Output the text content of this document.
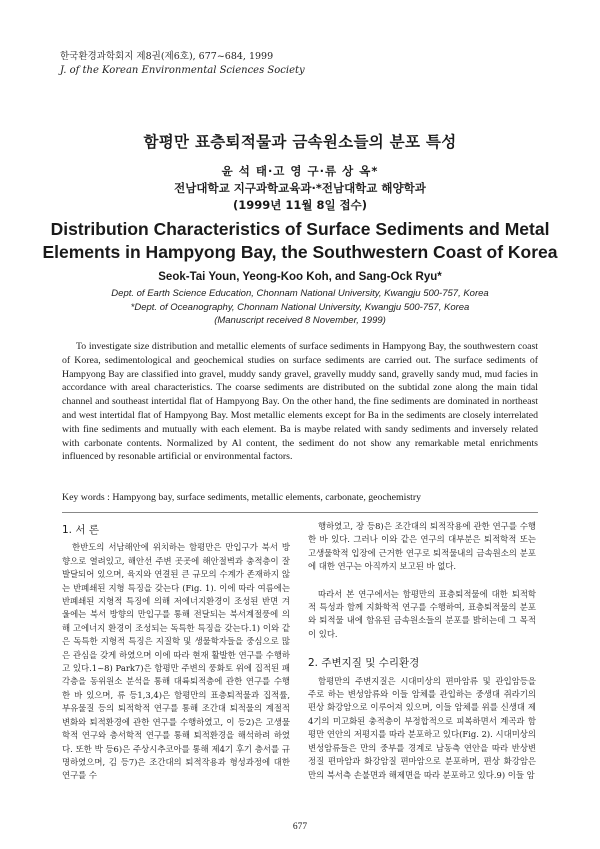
한국환경과학회지 제8권(제6호), 677~684, 1999
J. of the Korean Environmental Sciences Society
함평만 표층퇴적물과 금속원소들의 분포 특성
윤 석 태·고 영 구·류 상 옥*
전남대학교 지구과학교육과·*전남대학교 해양학과
(1999년 11월 8일 접수)
Distribution Characteristics of Surface Sediments and Metal Elements in Hampyong Bay, the Southwestern Coast of Korea
Seok-Tai Youn, Yeong-Koo Koh, and Sang-Ock Ryu*
Dept. of Earth Science Education, Chonnam National University, Kwangju 500-757, Korea
*Dept. of Oceanography, Chonnam National University, Kwangju 500-757, Korea
(Manuscript received 8 November, 1999)
To investigate size distribution and metallic elements of surface sediments in Hampyong Bay, the southwestern coast of Korea, sedimentological and geochemical studies on surface sediments are carried out. The surface sediments of Hampyong Bay are classified into gravel, muddy sandy gravel, gravelly muddy sand, gravelly sandy mud, mud facies in accordance with areal characteristics. The coarse sediments are distributed on the subtidal zone along the main tidal channel and southeast intertidal flat of Hampyong Bay. On the other hand, the fine sediments are dominated in northeast and west intertidal flat of Hampyong Bay. Most metallic elements except for Ba in the sediments are closely interrelated with fine sediments and mutually with each element. Ba is maybe related with sandy sediments and inversely related with carbonate contents. Normalized by Al content, the sediment do not show any remarkable metal enrichments influenced by resonable artificial or environmental factors.
Key words : Hampyong bay, surface sediments, metallic elements, carbonate, geochemistry
1. 서 론

한반도의 서남해안에 위치하는 함평만은 만입구가 북서 방향으로 열려있고, 해안선 주변 곳곳에 해안절벽과 충적층이 잘 발달되어 있으며, 육지와 연결된 큰 규모의 수계가 존재하지 않는 반폐쇄된 지형 특징을 갖는다 (Fig. 1). 이에 따라 여름에는 반폐쇄된 지형적 특징에 의해 저에너지환경이 조성된 반면 겨울에는 북서 방향의 만입구를 통해 전달되는 북서계절풍에 의해 고에너지 환경이 조성되는 독특한 특징을 갖는다.1) 이와 같은 독특한 지형적 특징은 지질학 및 생물학자들을 중심으로 많은 관심을 갖게 하였으며 이에 따라 현재 활발한 연구를 수행하고 있다.1~8) Park7)은 함평만 주변의 풍화토 위에 집적된 패각층을 동위원소 분석을 통해 대륙퇴적층에 관한 연구를 수행한 바 있으며, 류 등1,3,4)은 함평만의 표층퇴적물과 집적률, 부유물질 등의 퇴적학적 연구를 통해 조간대 퇴적물의 계절적 변화와 퇴적환경에 관한 연구를 수행하였고, 이 등2)은 고생물학적 연구와 층서학적 연구를 통해 퇴적환경을 해석하려 하였다. 또한 박 등6)은 주상시추코아를 통해 제4기 후기 층서를 규명하였으며, 김 등7)은 조간대의 퇴적작용과 형성과정에 대한 연구를 수

행하였고, 장 등8)은 조간대의 퇴적작용에 관한 연구를 수행 한 바 있다. 그러나 이와 같은 연구의 대부분은 퇴적학적 또는 고생물학적 입장에 근거한 연구로 퇴적물내의 금속원소의 분포에 대한 연구는 아직까지 보고된 바 없다.

따라서 본 연구에서는 함평만의 표층퇴적물에 대한 퇴적학적 특성과 함께 지화학적 연구를 수행하여, 표층퇴적물의 분포와 퇴적물 내에 함유된 금속원소들의 분포를 밝히는데 그 목적이 있다.

2. 주변지질 및 수리환경

함평만의 주변지질은 시대미상의 편마암류 및 관입암등을 주로 하는 변성암류와 이들 암체를 관입하는 중생대 쥐라기의 편상 화강암으로 이루어져 있으며, 이들 암체를 위를 신생대 제4기의 미고화된 충적층이 부정합적으로 피복하면서 계곡과 함평만 연안의 저평지를 따라 분포하고 있다(Fig. 2). 시대미상의 변성암류들은 만의 중부를 경계로 남동측 연안을 따라 반상변정질 편마암과 화강암질 편마암으로 분포하며, 편상 화강암은 만의 북서측 손불면과 해제면을 따라 분포하고 있다.9) 이들 암

677
